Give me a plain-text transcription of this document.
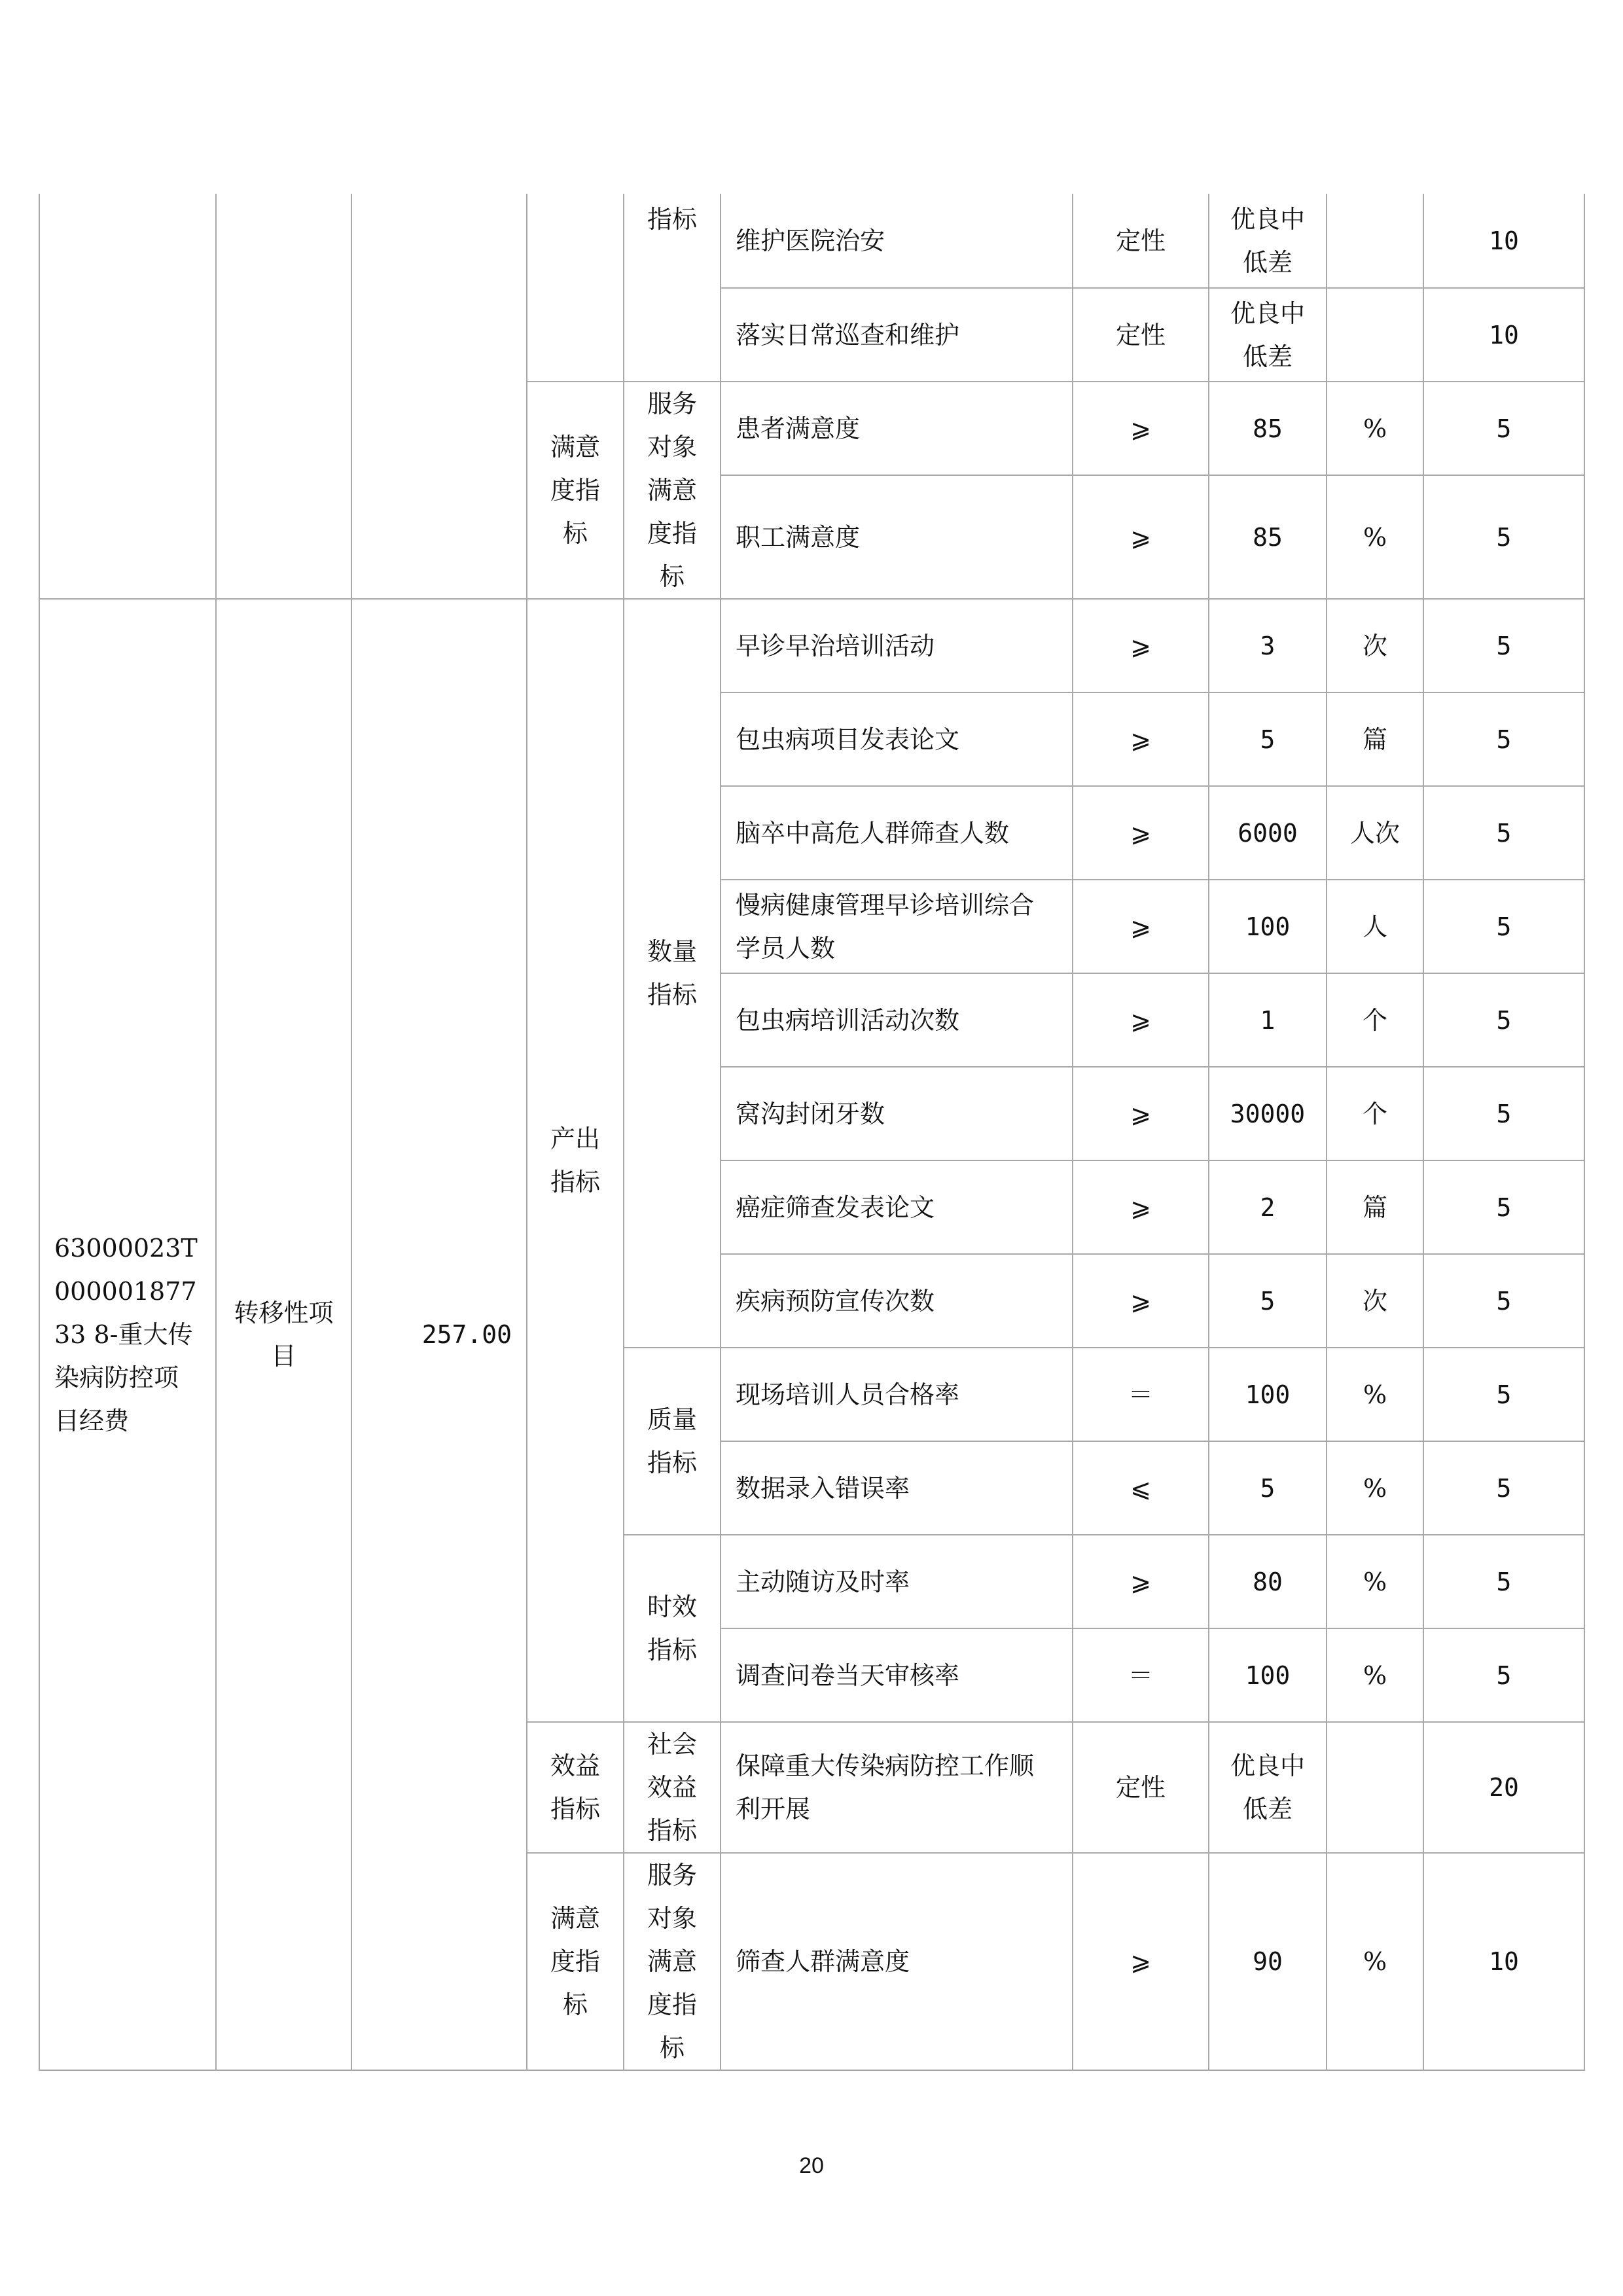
				指标	维护医院治安	定性	优良中低差		10
					落实日常巡查和维护	定性	优良中低差		10
			满意度指标	服务对象满意度指标	患者满意度	⩾	85	%	5
					职工满意度	⩾	85	%	5
63000023T00000187733 8-重大传染病防控项目经费	转移性项目	257.00	产出指标	数量指标	早诊早治培训活动	⩾	3	次	5
					包虫病项目发表论文	⩾	5	篇	5
					脑卒中高危人群筛查人数	⩾	6000	人次	5
					慢病健康管理早诊培训综合学员人数	⩾	100	人	5
					包虫病培训活动次数	⩾	1	个	5
					窝沟封闭牙数	⩾	30000	个	5
					癌症筛查发表论文	⩾	2	篇	5
					疾病预防宣传次数	⩾	5	次	5
				质量指标	现场培训人员合格率	＝	100	%	5
					数据录入错误率	⩽	5	%	5
				时效指标	主动随访及时率	⩾	80	%	5
					调查问卷当天审核率	＝	100	%	5
			效益指标	社会效益指标	保障重大传染病防控工作顺利开展	定性	优良中低差		20
			满意度指标	服务对象满意度指标	筛查人群满意度	⩾	90	%	10
20
